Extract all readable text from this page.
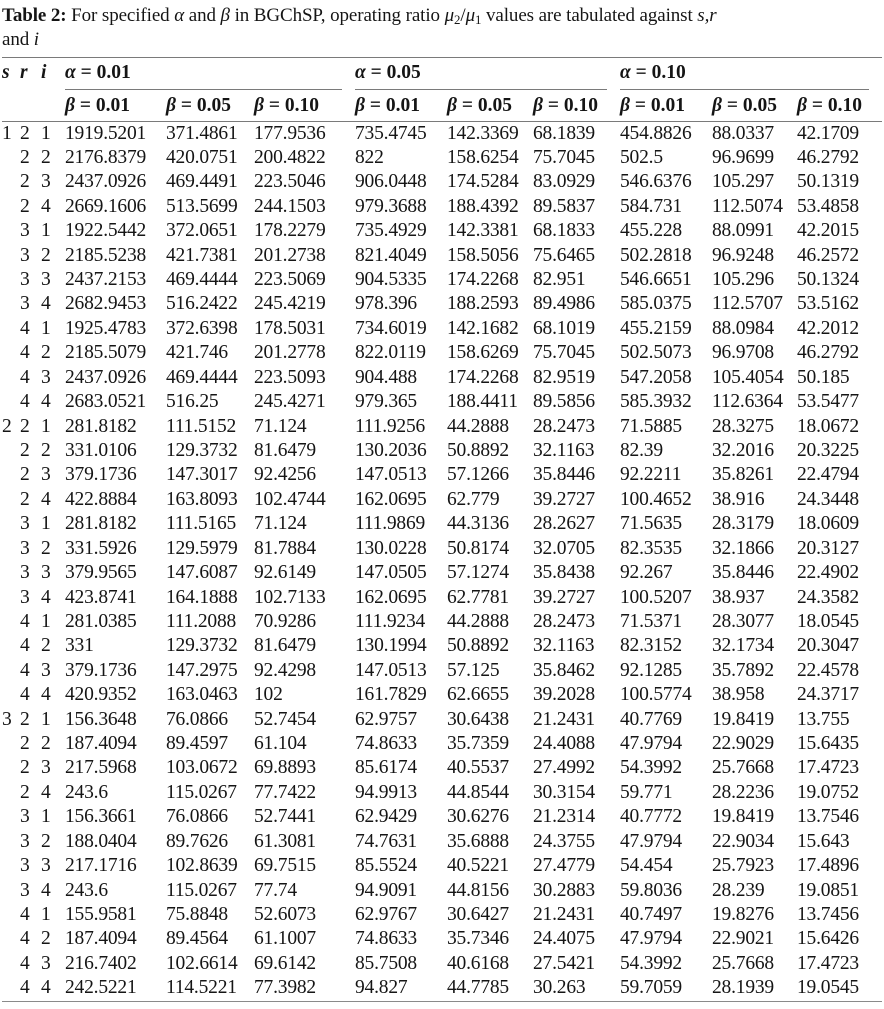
Table 2: For specified α and β in BGChSP, operating ratio $\mu_2/\mu_1$ values are tabulated against s,r
and i

s	r	i	α = 0.01			α = 0.05			α = 0.10		

			β = 0.01	β = 0.05	β = 0.10	β = 0.01	β = 0.05	β = 0.10	β = 0.01	β = 0.05	β = 0.10
1	2	1	1919.5201	371.4861	177.9536	735.4745	142.3369	68.1839	454.8826	88.0337	42.1709
	2	2	2176.8379	420.0751	200.4822	822	158.6254	75.7045	502.5	96.9699	46.2792
	2	3	2437.0926	469.4491	223.5046	906.0448	174.5284	83.0929	546.6376	105.297	50.1319
	2	4	2669.1606	513.5699	244.1503	979.3688	188.4392	89.5837	584.731	112.5074	53.4858
	3	1	1922.5442	372.0651	178.2279	735.4929	142.3381	68.1833	455.228	88.0991	42.2015
	3	2	2185.5238	421.7381	201.2738	821.4049	158.5056	75.6465	502.2818	96.9248	46.2572
	3	3	2437.2153	469.4444	223.5069	904.5335	174.2268	82.951	546.6651	105.296	50.1324
	3	4	2682.9453	516.2422	245.4219	978.396	188.2593	89.4986	585.0375	112.5707	53.5162
	4	1	1925.4783	372.6398	178.5031	734.6019	142.1682	68.1019	455.2159	88.0984	42.2012
	4	2	2185.5079	421.746	201.2778	822.0119	158.6269	75.7045	502.5073	96.9708	46.2792
	4	3	2437.0926	469.4444	223.5093	904.488	174.2268	82.9519	547.2058	105.4054	50.185
	4	4	2683.0521	516.25	245.4271	979.365	188.4411	89.5856	585.3932	112.6364	53.5477
2	2	1	281.8182	111.5152	71.124	111.9256	44.2888	28.2473	71.5885	28.3275	18.0672
	2	2	331.0106	129.3732	81.6479	130.2036	50.8892	32.1163	82.39	32.2016	20.3225
	2	3	379.1736	147.3017	92.4256	147.0513	57.1266	35.8446	92.2211	35.8261	22.4794
	2	4	422.8884	163.8093	102.4744	162.0695	62.779	39.2727	100.4652	38.916	24.3448
	3	1	281.8182	111.5165	71.124	111.9869	44.3136	28.2627	71.5635	28.3179	18.0609
	3	2	331.5926	129.5979	81.7884	130.0228	50.8174	32.0705	82.3535	32.1866	20.3127
	3	3	379.9565	147.6087	92.6149	147.0505	57.1274	35.8438	92.267	35.8446	22.4902
	3	4	423.8741	164.1888	102.7133	162.0695	62.7781	39.2727	100.5207	38.937	24.3582
	4	1	281.0385	111.2088	70.9286	111.9234	44.2888	28.2473	71.5371	28.3077	18.0545
	4	2	331	129.3732	81.6479	130.1994	50.8892	32.1163	82.3152	32.1734	20.3047
	4	3	379.1736	147.2975	92.4298	147.0513	57.125	35.8462	92.1285	35.7892	22.4578
	4	4	420.9352	163.0463	102	161.7829	62.6655	39.2028	100.5774	38.958	24.3717
3	2	1	156.3648	76.0866	52.7454	62.9757	30.6438	21.2431	40.7769	19.8419	13.755
	2	2	187.4094	89.4597	61.104	74.8633	35.7359	24.4088	47.9794	22.9029	15.6435
	2	3	217.5968	103.0672	69.8893	85.6174	40.5537	27.4992	54.3992	25.7668	17.4723
	2	4	243.6	115.0267	77.7422	94.9913	44.8544	30.3154	59.771	28.2236	19.0752
	3	1	156.3661	76.0866	52.7441	62.9429	30.6276	21.2314	40.7772	19.8419	13.7546
	3	2	188.0404	89.7626	61.3081	74.7631	35.6888	24.3755	47.9794	22.9034	15.643
	3	3	217.1716	102.8639	69.7515	85.5524	40.5221	27.4779	54.454	25.7923	17.4896
	3	4	243.6	115.0267	77.74	94.9091	44.8156	30.2883	59.8036	28.239	19.0851
	4	1	155.9581	75.8848	52.6073	62.9767	30.6427	21.2431	40.7497	19.8276	13.7456
	4	2	187.4094	89.4564	61.1007	74.8633	35.7346	24.4075	47.9794	22.9021	15.6426
	4	3	216.7402	102.6614	69.6142	85.7508	40.6168	27.5421	54.3992	25.7668	17.4723
	4	4	242.5221	114.5221	77.3982	94.827	44.7785	30.263	59.7059	28.1939	19.0545
